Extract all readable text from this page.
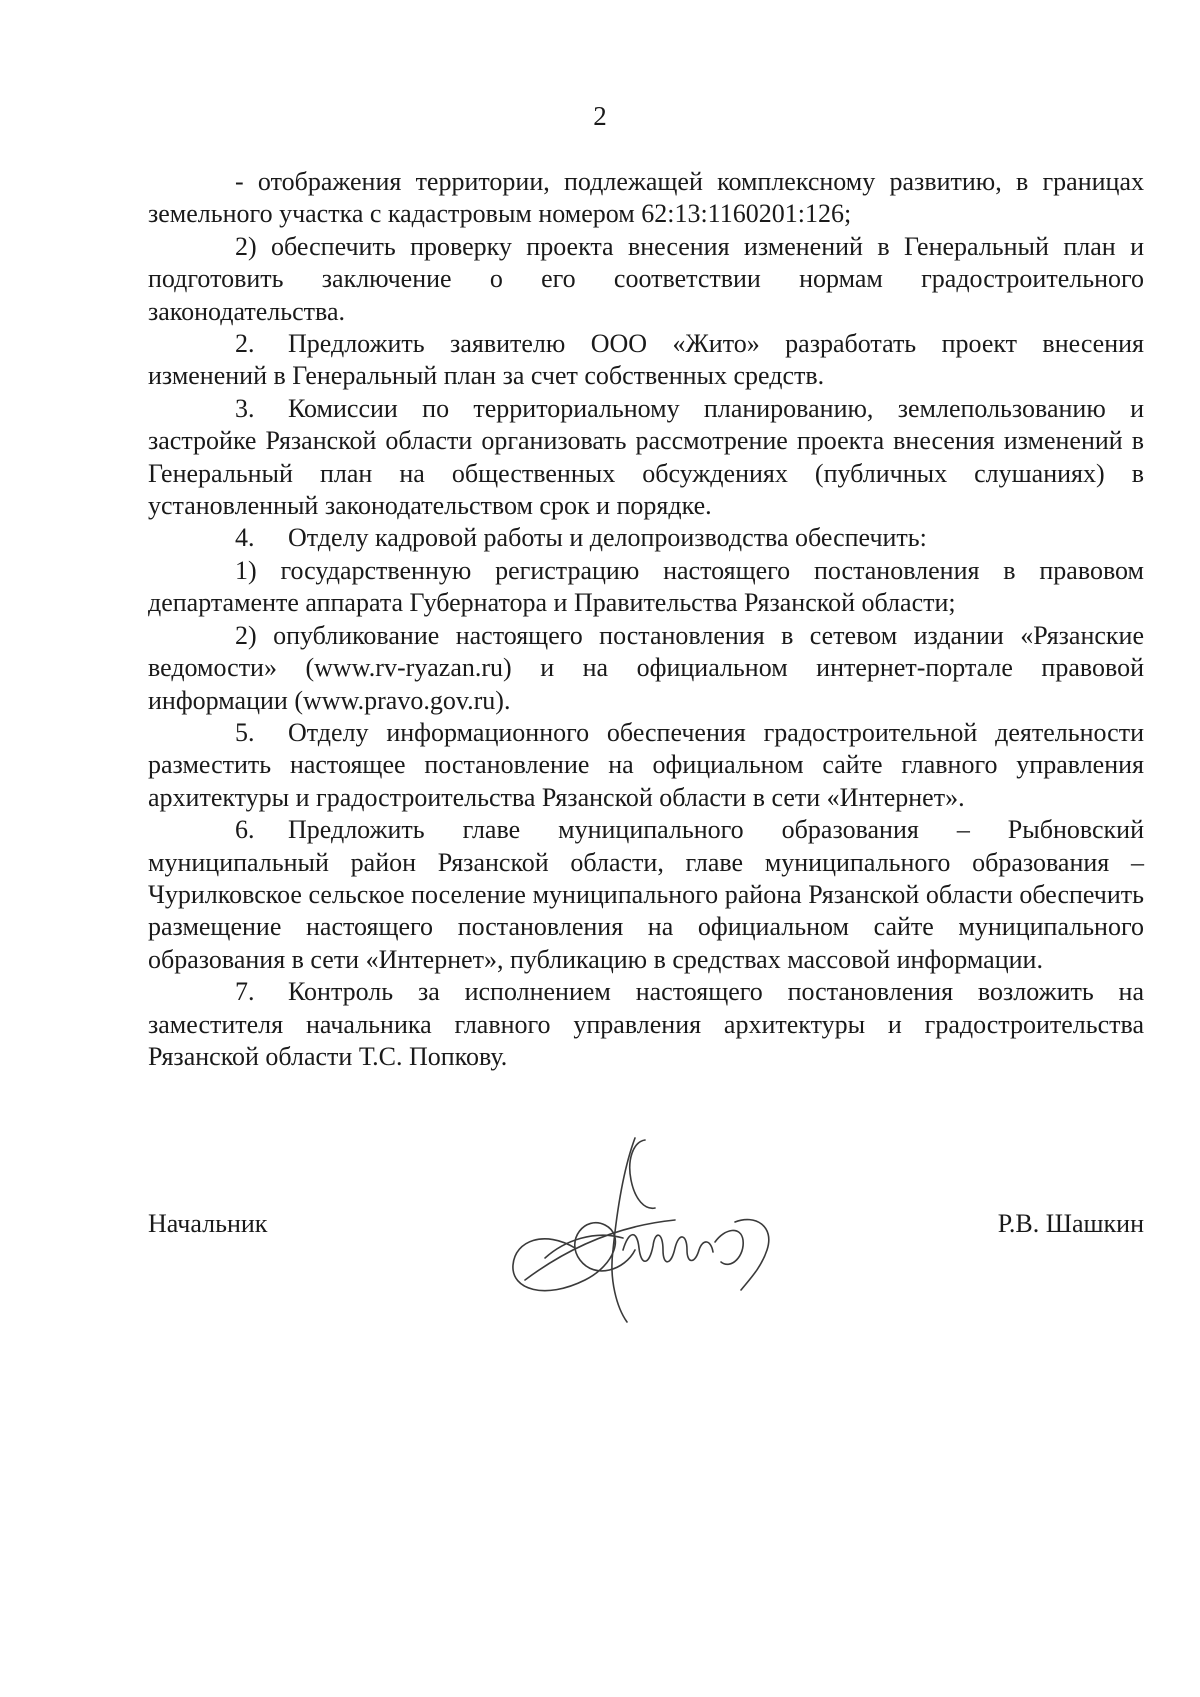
2

- отображения территории, подлежащей комплексному развитию, в границах земельного участка с кадастровым номером 62:13:1160201:126;

2) обеспечить проверку проекта внесения изменений в Генеральный план и подготовить заключение о его соответствии нормам градостроительного законодательства.

2. Предложить заявителю ООО «Жито» разработать проект внесения изменений в Генеральный план за счет собственных средств.

3. Комиссии по территориальному планированию, землепользованию и застройке Рязанской области организовать рассмотрение проекта внесения изменений в Генеральный план на общественных обсуждениях (публичных слушаниях) в установленный законодательством срок и порядке.

4. Отделу кадровой работы и делопроизводства обеспечить:

1) государственную регистрацию настоящего постановления в правовом департаменте аппарата Губернатора и Правительства Рязанской области;

2) опубликование настоящего постановления в сетевом издании «Рязанские ведомости» (www.rv-ryazan.ru) и на официальном интернет-портале правовой информации (www.pravo.gov.ru).

5. Отделу информационного обеспечения градостроительной деятельности разместить настоящее постановление на официальном сайте главного управления архитектуры и градостроительства Рязанской области в сети «Интернет».

6. Предложить главе муниципального образования – Рыбновский муниципальный район Рязанской области, главе муниципального образования – Чурилковское сельское поселение муниципального района Рязанской области обеспечить размещение настоящего постановления на официальном сайте муниципального образования в сети «Интернет», публикацию в средствах массовой информации.

7. Контроль за исполнением настоящего постановления возложить на заместителя начальника главного управления архитектуры и градостроительства Рязанской области Т.С. Попкову.

Начальник	Р.В. Шашкин
